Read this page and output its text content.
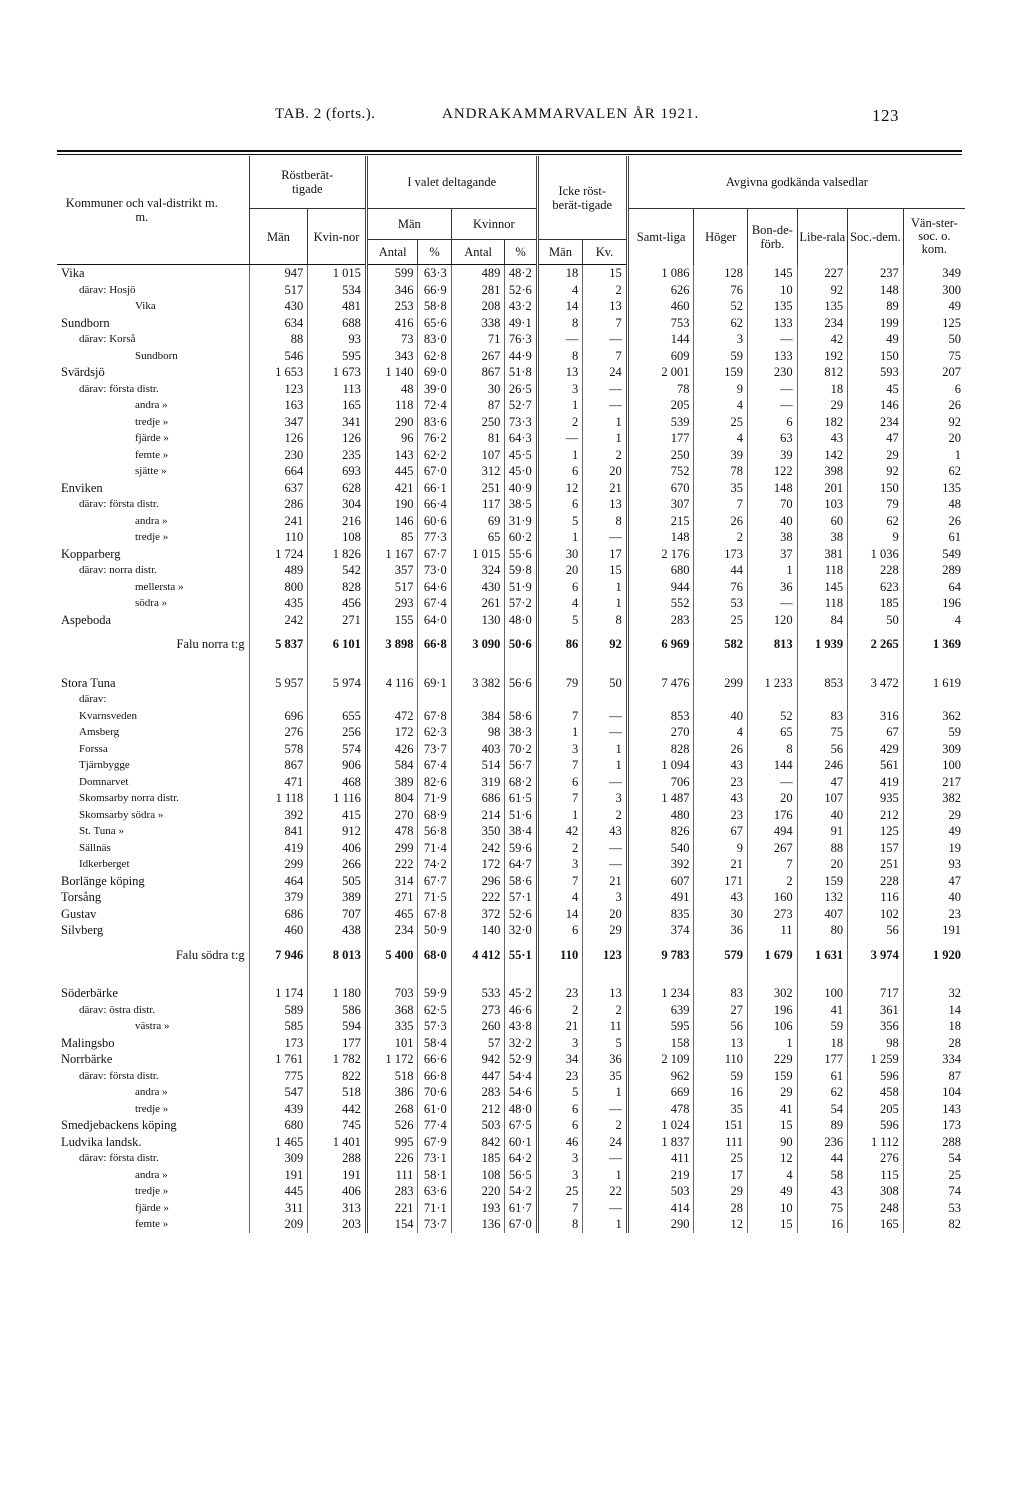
TAB. 2 (forts.).	ANDRAKAMMARVALEN ÅR 1921.	123
Kommuner och val-distrikt m. m.	Röstberät-tigade		I valet deltagande				Icke röst-berät-tigade		Avgivna godkända valsedlar					
	Män	Kvin-nor	Män		Kvinnor				Samt-liga	Höger	Bon-de-förb.	Libe-rala	Soc.-dem.	Vän-ster-soc. o. kom.
			Antal	%	Antal	%	Män	Kv.						
Vika	947	1 015	599	63·3	489	48·2	18	15	1 086	128	145	227	237	349
därav: Hosjö	517	534	346	66·9	281	52·6	4	2	626	76	10	92	148	300
Vika	430	481	253	58·8	208	43·2	14	13	460	52	135	135	89	49
Sundborn	634	688	416	65·6	338	49·1	8	7	753	62	133	234	199	125
därav: Korså	88	93	73	83·0	71	76·3	—	—	144	3	—	42	49	50
Sundborn	546	595	343	62·8	267	44·9	8	7	609	59	133	192	150	75
Svärdsjö	1 653	1 673	1 140	69·0	867	51·8	13	24	2 001	159	230	812	593	207
därav: första distr.	123	113	48	39·0	30	26·5	3	—	78	9	—	18	45	6
andra »	163	165	118	72·4	87	52·7	1	—	205	4	—	29	146	26
tredje »	347	341	290	83·6	250	73·3	2	1	539	25	6	182	234	92
fjärde »	126	126	96	76·2	81	64·3	—	1	177	4	63	43	47	20
femte »	230	235	143	62·2	107	45·5	1	2	250	39	39	142	29	1
sjätte »	664	693	445	67·0	312	45·0	6	20	752	78	122	398	92	62
Enviken	637	628	421	66·1	251	40·9	12	21	670	35	148	201	150	135
därav: första distr.	286	304	190	66·4	117	38·5	6	13	307	7	70	103	79	48
andra »	241	216	146	60·6	69	31·9	5	8	215	26	40	60	62	26
tredje »	110	108	85	77·3	65	60·2	1	—	148	2	38	38	9	61
Kopparberg	1 724	1 826	1 167	67·7	1 015	55·6	30	17	2 176	173	37	381	1 036	549
därav: norra distr.	489	542	357	73·0	324	59·8	20	15	680	44	1	118	228	289
mellersta »	800	828	517	64·6	430	51·9	6	1	944	76	36	145	623	64
södra »	435	456	293	67·4	261	57·2	4	1	552	53	—	118	185	196
Aspeboda	242	271	155	64·0	130	48·0	5	8	283	25	120	84	50	4
Falu norra t:g	5 837	6 101	3 898	66·8	3 090	50·6	86	92	6 969	582	813	1 939	2 265	1 369
Stora Tuna	5 957	5 974	4 116	69·1	3 382	56·6	79	50	7 476	299	1 233	853	3 472	1 619
därav:														
Kvarnsveden	696	655	472	67·8	384	58·6	7	—	853	40	52	83	316	362
Amsberg	276	256	172	62·3	98	38·3	1	—	270	4	65	75	67	59
Forssa	578	574	426	73·7	403	70·2	3	1	828	26	8	56	429	309
Tjärnbygge	867	906	584	67·4	514	56·7	7	1	1 094	43	144	246	561	100
Domnarvet	471	468	389	82·6	319	68·2	6	—	706	23	—	47	419	217
Skomsarby norra distr.	1 118	1 116	804	71·9	686	61·5	7	3	1 487	43	20	107	935	382
Skomsarby södra »	392	415	270	68·9	214	51·6	1	2	480	23	176	40	212	29
St. Tuna »	841	912	478	56·8	350	38·4	42	43	826	67	494	91	125	49
Sällnäs	419	406	299	71·4	242	59·6	2	—	540	9	267	88	157	19
Idkerberget	299	266	222	74·2	172	64·7	3	—	392	21	7	20	251	93
Borlänge köping	464	505	314	67·7	296	58·6	7	21	607	171	2	159	228	47
Torsång	379	389	271	71·5	222	57·1	4	3	491	43	160	132	116	40
Gustav	686	707	465	67·8	372	52·6	14	20	835	30	273	407	102	23
Silvberg	460	438	234	50·9	140	32·0	6	29	374	36	11	80	56	191
Falu södra t:g	7 946	8 013	5 400	68·0	4 412	55·1	110	123	9 783	579	1 679	1 631	3 974	1 920
Söderbärke	1 174	1 180	703	59·9	533	45·2	23	13	1 234	83	302	100	717	32
därav: östra distr.	589	586	368	62·5	273	46·6	2	2	639	27	196	41	361	14
västra »	585	594	335	57·3	260	43·8	21	11	595	56	106	59	356	18
Malingsbo	173	177	101	58·4	57	32·2	3	5	158	13	1	18	98	28
Norrbärke	1 761	1 782	1 172	66·6	942	52·9	34	36	2 109	110	229	177	1 259	334
därav: första distr.	775	822	518	66·8	447	54·4	23	35	962	59	159	61	596	87
andra »	547	518	386	70·6	283	54·6	5	1	669	16	29	62	458	104
tredje »	439	442	268	61·0	212	48·0	6	—	478	35	41	54	205	143
Smedjebackens köping	680	745	526	77·4	503	67·5	6	2	1 024	151	15	89	596	173
Ludvika landsk.	1 465	1 401	995	67·9	842	60·1	46	24	1 837	111	90	236	1 112	288
därav: första distr.	309	288	226	73·1	185	64·2	3	—	411	25	12	44	276	54
andra »	191	191	111	58·1	108	56·5	3	1	219	17	4	58	115	25
tredje »	445	406	283	63·6	220	54·2	25	22	503	29	49	43	308	74
fjärde »	311	313	221	71·1	193	61·7	7	—	414	28	10	75	248	53
femte »	209	203	154	73·7	136	67·0	8	1	290	12	15	16	165	82
